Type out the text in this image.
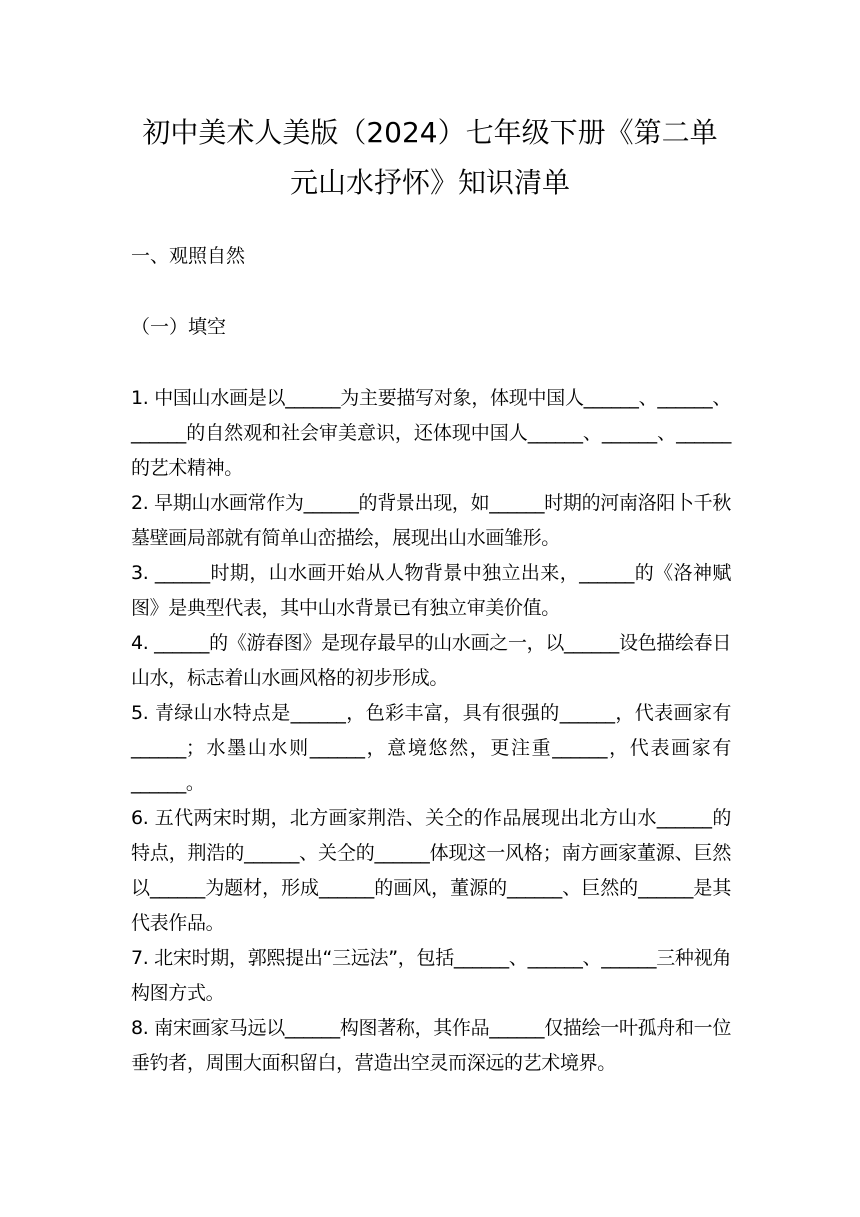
初中美术人美版（2024）七年级下册《第二单
元山水抒怀》知识清单

一、观照自然

（一）填空

1. 中国山水画是以______为主要描写对象，体现中国人______、______、______的自然观和社会审美意识，还体现中国人______、______、______的艺术精神。
2. 早期山水画常作为______的背景出现，如______时期的河南洛阳卜千秋墓壁画局部就有简单山峦描绘，展现出山水画雏形。
3. ______时期，山水画开始从人物背景中独立出来，______的《洛神赋图》是典型代表，其中山水背景已有独立审美价值。
4. ______的《游春图》是现存最早的山水画之一，以______设色描绘春日山水，标志着山水画风格的初步形成。
5. 青绿山水特点是______，色彩丰富，具有很强的______，代表画家有______；水墨山水则______，意境悠然，更注重______，代表画家有______。
6. 五代两宋时期，北方画家荆浩、关仝的作品展现出北方山水______的特点，荆浩的______、关仝的______体现这一风格；南方画家董源、巨然以______为题材，形成______的画风，董源的______、巨然的______是其代表作品。
7. 北宋时期，郭熙提出“三远法”，包括______、______、______三种视角构图方式。
8. 南宋画家马远以______构图著称，其作品______仅描绘一叶孤舟和一位垂钓者，周围大面积留白，营造出空灵而深远的艺术境界。
